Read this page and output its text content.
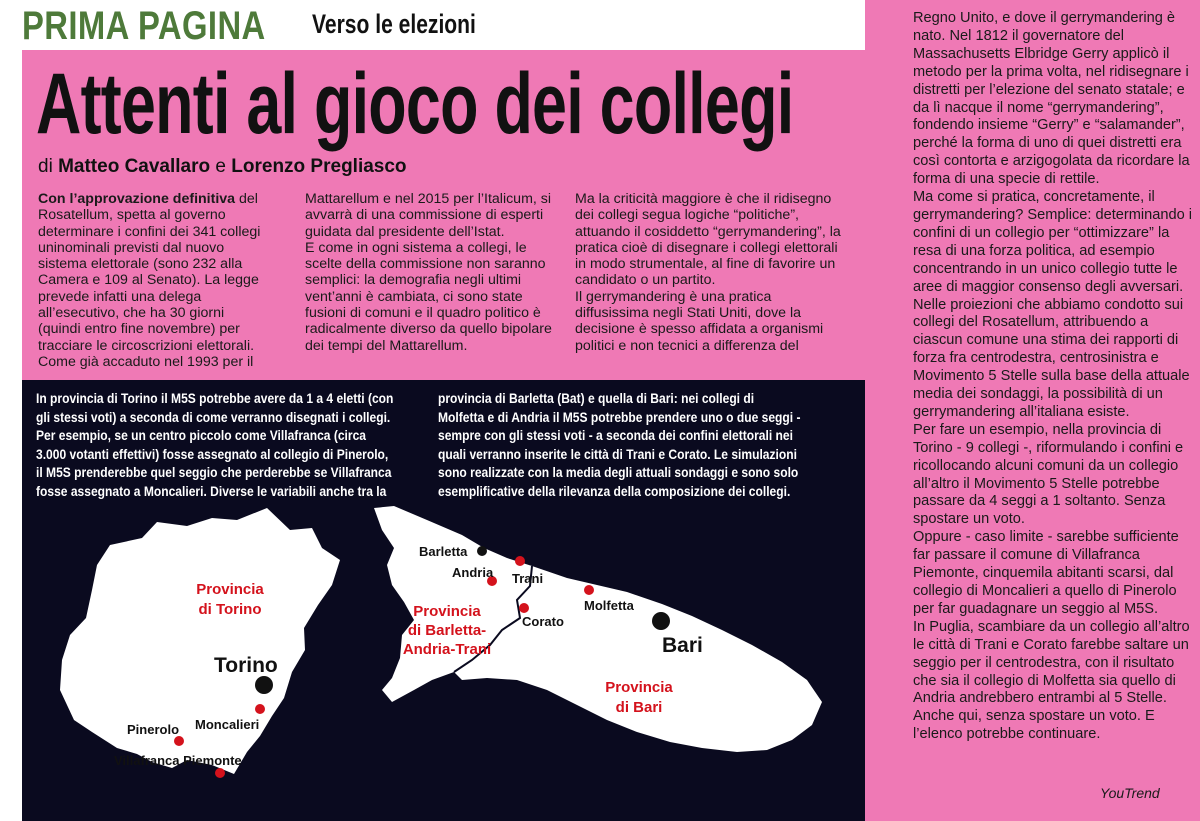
PRIMA PAGINA Verso le elezioni
Attenti al gioco dei collegi
di Matteo Cavallaro e Lorenzo Pregliasco

Con l’approvazione definitiva del Rosatellum, spetta al governo determinare i confini dei 341 collegi uninominali previsti dal nuovo sistema elettorale (sono 232 alla Camera e 109 al Senato). La legge prevede infatti una delega all’esecutivo, che ha 30 giorni (quindi entro fine novembre) per tracciare le circoscrizioni elettorali. Come già accaduto nel 1993 per il

Mattarellum e nel 2015 per l’Italicum, si avvarrà di una commissione di esperti guidata dal presidente dell’Istat.

E come in ogni sistema a collegi, le scelte della commissione non saranno semplici: la demografia negli ultimi vent’anni è cambiata, ci sono state fusioni di comuni e il quadro politico è radicalmente diverso da quello bipolare dei tempi del Mattarellum.

Ma la criticità maggiore è che il ridisegno dei collegi segua logiche “politiche”, attuando il cosiddetto “gerrymandering”, la pratica cioè di disegnare i collegi elettorali in modo strumentale, al fine di favorire un candidato o un partito.

Il gerrymandering è una pratica diffusissima negli Stati Uniti, dove la decisione è spesso affidata a organismi politici e non tecnici a differenza del

In provincia di Torino il M5S potrebbe avere da 1 a 4 eletti (con gli stessi voti) a seconda di come verranno disegnati i collegi. Per esempio, se un centro piccolo come Villafranca (circa 3.000 votanti effettivi) fosse assegnato al collegio di Pinerolo, il M5S prenderebbe quel seggio che perderebbe se Villafranca fosse assegnato a Moncalieri. Diverse le variabili anche tra la
provincia di Barletta (Bat) e quella di Bari: nei collegi di Molfetta e di Andria il M5S potrebbe prendere uno o due seggi - sempre con gli stessi voti - a seconda dei confini elettorali nei quali verranno inserite le città di Trani e Corato. Le simulazioni sono realizzate con la media degli attuali sondaggi e sono solo esemplificative della rilevanza della composizione dei collegi.
Provincia
di Torino	Provincia
di Barletta-
Andria-Trani
Provincia
di Bari
Torino
Moncalieri
Pinerolo
Villafranca Piemonte
Barletta
Andria Trani
Corato
Molfetta
Bari

Regno Unito, e dove il gerrymandering è nato. Nel 1812 il governatore del Massachusetts Elbridge Gerry applicò il metodo per la prima volta, nel ridisegnare i distretti per l’elezione del senato statale; e da lì nacque il nome “gerrymandering”, fondendo insieme “Gerry” e “salamander”, perché la forma di uno di quei distretti era così contorta e arzigogolata da ricordare la forma di una specie di rettile.

Ma come si pratica, concretamente, il gerrymandering? Semplice: determinando i confini di un collegio per “ottimizzare” la resa di una forza politica, ad esempio concentrando in un unico collegio tutte le aree di maggior consenso degli avversari.

Nelle proiezioni che abbiamo condotto sui collegi del Rosatellum, attribuendo a ciascun comune una stima dei rapporti di forza fra centrodestra, centrosinistra e Movimento 5 Stelle sulla base della attuale media dei sondaggi, la possibilità di un gerrymandering all’italiana esiste.

Per fare un esempio, nella provincia di Torino - 9 collegi -, riformulando i confini e ricollocando alcuni comuni da un collegio all’altro il Movimento 5 Stelle potrebbe passare da 4 seggi a 1 soltanto. Senza spostare un voto.

Oppure - caso limite - sarebbe sufficiente far passare il comune di Villafranca Piemonte, cinquemila abitanti scarsi, dal collegio di Moncalieri a quello di Pinerolo per far guadagnare un seggio al M5S.

In Puglia, scambiare da un collegio all’altro le città di Trani e Corato farebbe saltare un seggio per il centrodestra, con il risultato che sia il collegio di Molfetta sia quello di Andria andrebbero entrambi al 5 Stelle. Anche qui, senza spostare un voto. E l’elenco potrebbe continuare.

YouTrend
